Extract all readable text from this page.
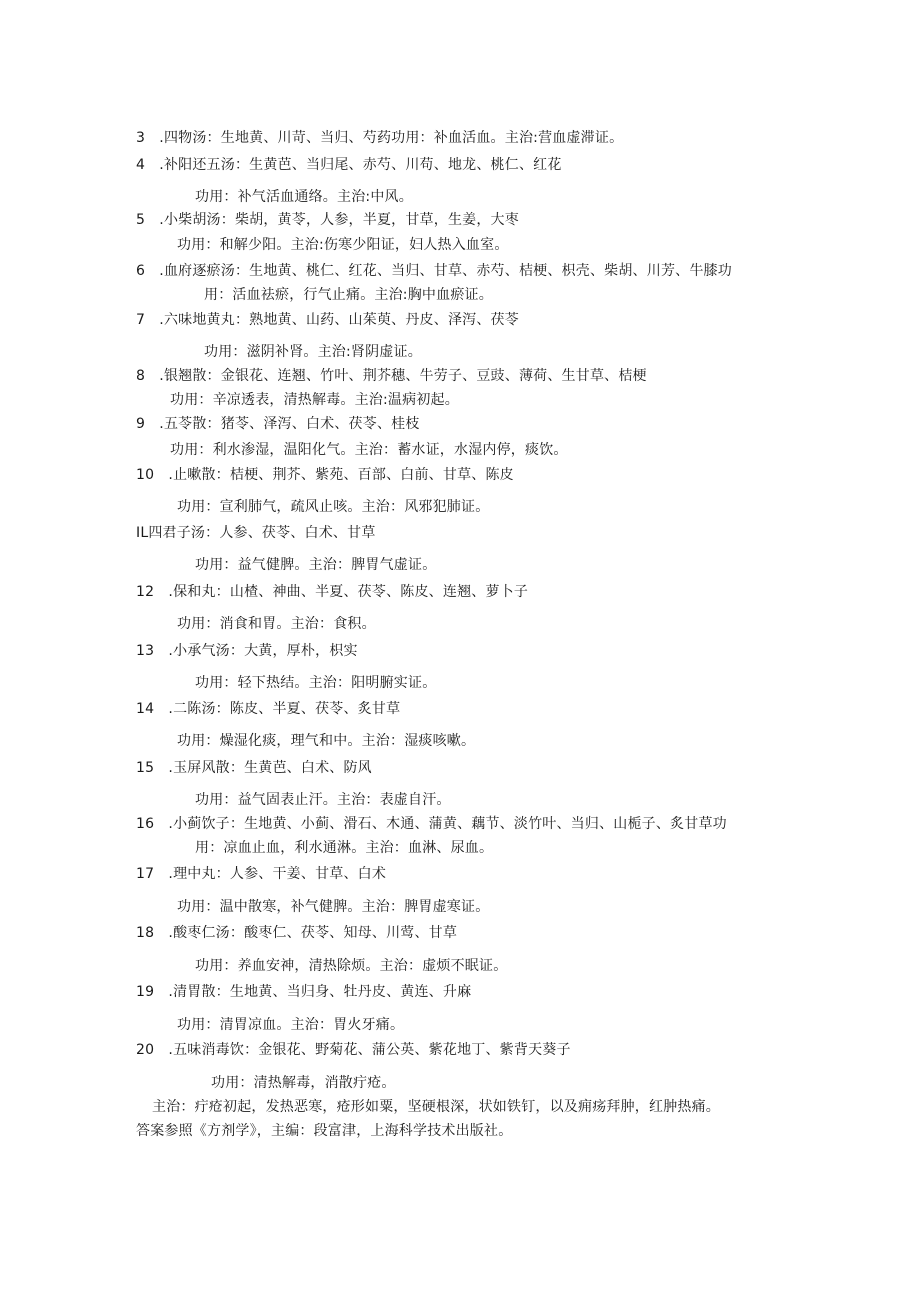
3　.四物汤：生地黄、川苛、当归、芍药功用：补血活血。主治:营血虚滞证。
4　.补阳还五汤：生黄芭、当归尾、赤芍、川苟、地龙、桃仁、红花
功用：补气活血通络。主治:中风。
5　.小柴胡汤：柴胡，黄苓，人参，半夏，甘草，生姜，大枣
功用：和解少阳。主治:伤寒少阳证，妇人热入血室。
6　.血府逐瘀汤：生地黄、桃仁、红花、当归、甘草、赤芍、桔梗、枳壳、柴胡、川芳、牛膝功
用：活血祛瘀，行气止痛。主治:胸中血瘀证。
7　.六味地黄丸：熟地黄、山药、山茱萸、丹皮、泽泻、茯苓
功用：滋阴补肾。主治:肾阴虚证。
8　.银翘散：金银花、连翘、竹叶、荆芥穗、牛劳子、豆豉、薄荷、生甘草、桔梗
功用：辛凉透表，清热解毒。主治:温病初起。
9　.五苓散：猪苓、泽泻、白术、茯苓、桂枝
功用：利水渗湿，温阳化气。主治：蓄水证，水湿内停，痰饮。
10　.止嗽散：桔梗、荆芥、紫苑、百部、白前、甘草、陈皮
功用：宣利肺气，疏风止咳。主治：风邪犯肺证。
IL四君子汤：人参、茯苓、白术、甘草
功用：益气健脾。主治：脾胃气虚证。
12　.保和丸：山楂、神曲、半夏、茯苓、陈皮、连翘、萝卜子
功用：消食和胃。主治：食积。
13　.小承气汤：大黄，厚朴，枳实
功用：轻下热结。主治：阳明腑实证。
14　.二陈汤：陈皮、半夏、茯苓、炙甘草
功用：燥湿化痰，理气和中。主治：湿痰咳嗽。
15　.玉屏风散：生黄芭、白术、防风
功用：益气固表止汗。主治：表虚自汗。
16　.小蓟饮子：生地黄、小蓟、滑石、木通、蒲黄、藕节、淡竹叶、当归、山栀子、炙甘草功
用：凉血止血，利水通淋。主治：血淋、尿血。
17　.理中丸：人参、干姜、甘草、白术
功用：温中散寒，补气健脾。主治：脾胃虚寒证。
18　.酸枣仁汤：酸枣仁、茯苓、知母、川莺、甘草
功用：养血安神，清热除烦。主治：虚烦不眠证。
19　.清胃散：生地黄、当归身、牡丹皮、黄连、升麻
功用：清胃凉血。主治：胃火牙痛。
20　.五味消毒饮：金银花、野菊花、蒲公英、紫花地丁、紫背天葵子
功用：清热解毒，消散疔疮。
主治：疔疮初起，发热恶寒，疮形如粟，坚硬根深，状如铁钉，以及痈疡拜肿，红肿热痛。
答案参照《方剂学》，主编：段富津，上海科学技术出版社。
